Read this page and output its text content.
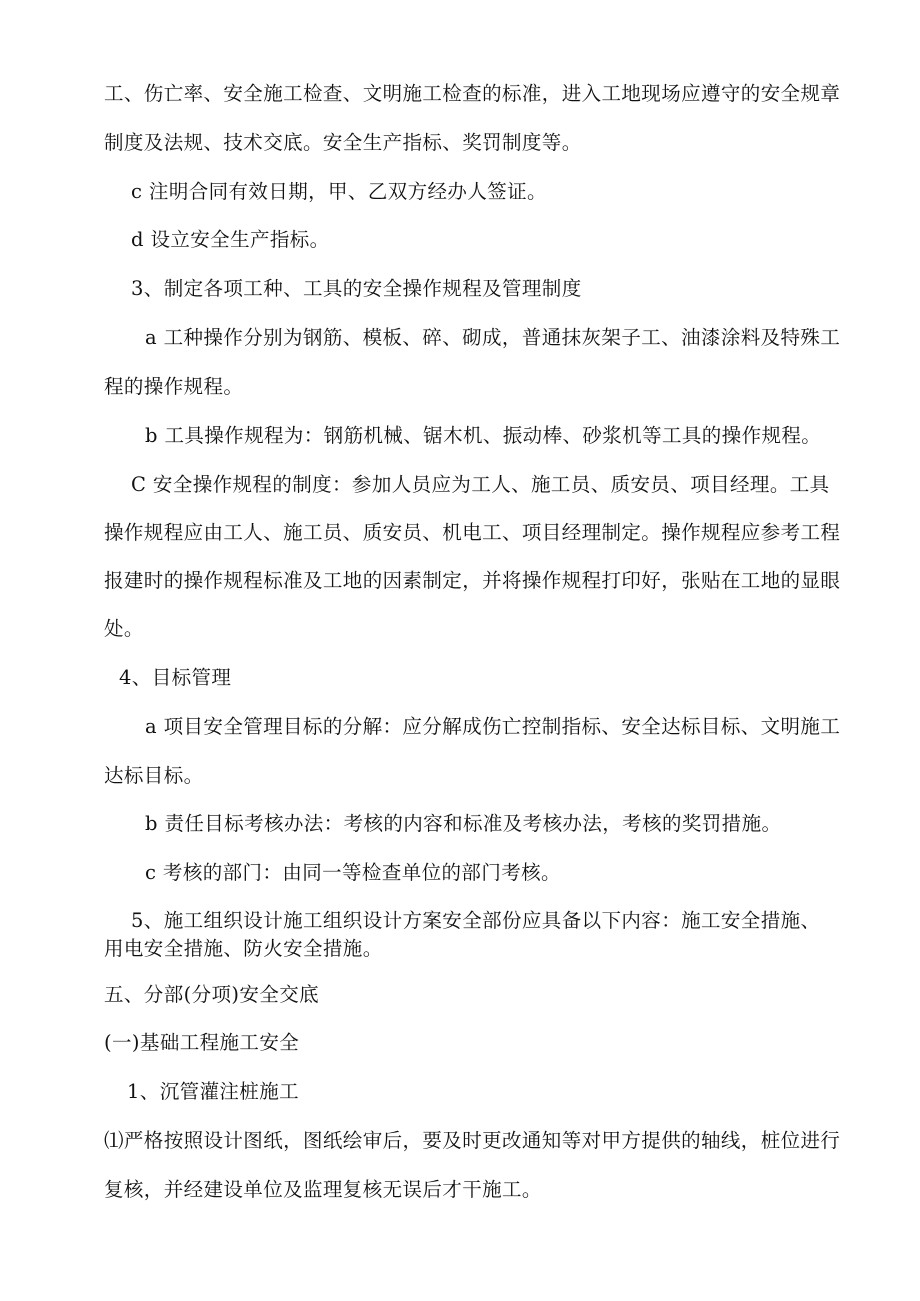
工、伤亡率、安全施工检查、文明施工检查的标准，进入工地现场应遵守的安全规章
制度及法规、技术交底。安全生产指标、奖罚制度等。
c 注明合同有效日期，甲、乙双方经办人签证。
d 设立安全生产指标。
3、制定各项工种、工具的安全操作规程及管理制度
a 工种操作分别为钢筋、模板、碎、砌成，普通抹灰架子工、油漆涂料及特殊工
程的操作规程。
b 工具操作规程为：钢筋机械、锯木机、振动棒、砂浆机等工具的操作规程。
C 安全操作规程的制度：参加人员应为工人、施工员、质安员、项目经理。工具
操作规程应由工人、施工员、质安员、机电工、项目经理制定。操作规程应参考工程
报建时的操作规程标准及工地的因素制定，并将操作规程打印好，张贴在工地的显眼
处。
4、目标管理
a 项目安全管理目标的分解：应分解成伤亡控制指标、安全达标目标、文明施工
达标目标。
b 责任目标考核办法：考核的内容和标准及考核办法，考核的奖罚措施。
c 考核的部门：由同一等检查单位的部门考核。
5、施工组织设计施工组织设计方案安全部份应具备以下内容：施工安全措施、
用电安全措施、防火安全措施。
五、分部(分项)安全交底
(一)基础工程施工安全
1、沉管灌注桩施工
⑴严格按照设计图纸，图纸绘审后，要及时更改通知等对甲方提供的轴线，桩位进行
复核，并经建设单位及监理复核无误后才干施工。
